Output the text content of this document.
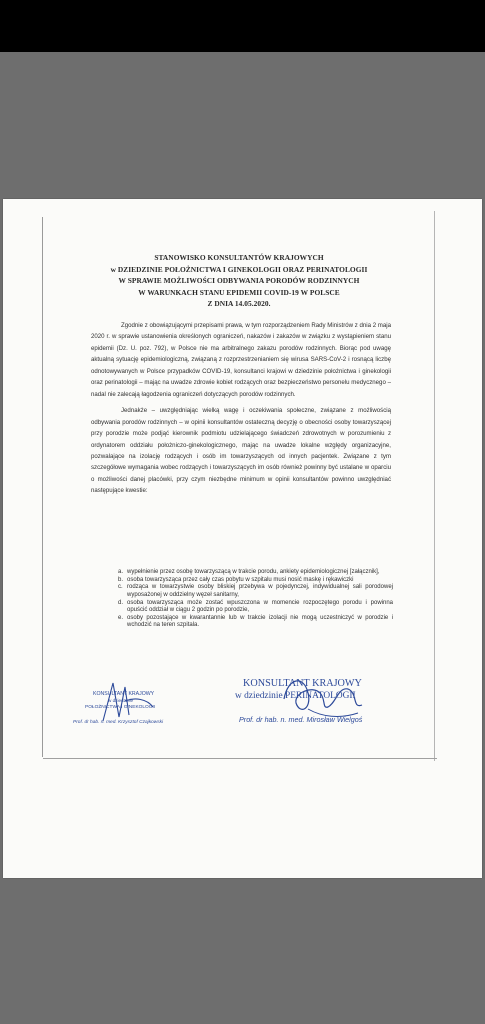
STANOWISKO KONSULTANTÓW KRAJOWYCH
w DZIEDZINIE POŁOŻNICTWA I GINEKOLOGII ORAZ PERINATOLOGII
W SPRAWIE MOŻLIWOŚCI ODBYWANIA PORODÓW RODZINNYCH
W WARUNKACH STANU EPIDEMII COVID-19 W POLSCE
Z DNIA 14.05.2020.
Zgodnie z obowiązującymi przepisami prawa, w tym rozporządzeniem Rady Ministrów z dnia 2 maja 2020 r. w sprawie ustanowienia określonych ograniczeń, nakazów i zakazów w związku z wystąpieniem stanu epidemii (Dz. U. poz. 792), w Polsce nie ma arbitralnego zakazu porodów rodzinnych. Biorąc pod uwagę aktualną sytuację epidemiologiczną, związaną z rozprzestrzenianiem się wirusa SARS-CoV-2 i rosnącą liczbę odnotowywanych w Polsce przypadków COVID-19, konsultanci krajowi w dziedzinie położnictwa i ginekologii oraz perinatologii – mając na uwadze zdrowie kobiet rodzących oraz bezpieczeństwo personelu medycznego – nadal nie zalecają łagodzenia ograniczeń dotyczących porodów rodzinnych.
Jednakże – uwzględniając wielką wagę i oczekiwania społeczne, związane z możliwością odbywania porodów rodzinnych – w opinii konsultantów ostateczną decyzję o obecności osoby towarzyszącej przy porodzie może podjąć kierownik podmiotu udzielającego świadczeń zdrowotnych w porozumieniu z ordynatorem oddziału położniczo-ginekologicznego, mając na uwadze lokalne względy organizacyjne, pozwalające na izolację rodzących i osób im towarzyszących od innych pacjentek. Związane z tym szczegółowe wymagania wobec rodzących i towarzyszących im osób również powinny być ustalane w oparciu o możliwości danej placówki, przy czym niezbędne minimum w opinii konsultantów powinno uwzględniać następujące kwestie:
a. wypełnienie przez osobę towarzyszącą w trakcie porodu, ankiety epidemiologicznej [załącznik],
b. osoba towarzysząca przez cały czas pobytu w szpitalu musi nosić maskę i rękawiczki
c. rodząca w towarzystwie osoby bliskiej przebywa w pojedynczej, indywidualnej sali porodowej wyposażonej w oddzielny węzeł sanitarny,
d. osoba towarzysząca może zostać wpuszczona w momencie rozpoczętego porodu i powinna opuścić oddział w ciągu 2 godzin po porodzie,
e. osoby pozostające w kwarantannie lub w trakcie izolacji nie mogą uczestniczyć w porodzie i wchodzić na teren szpitala.
KONSULTANT KRAJOWY
w dziedzinie
POŁOŻNICTWA I GINEKOLOGII
Prof. dr hab. n. med. Krzysztof Czajkowski
KONSULTANT KRAJOWY
w dziedzinie PERINATOLOGII
Prof. dr hab. n. med. Mirosław Wielgoś
